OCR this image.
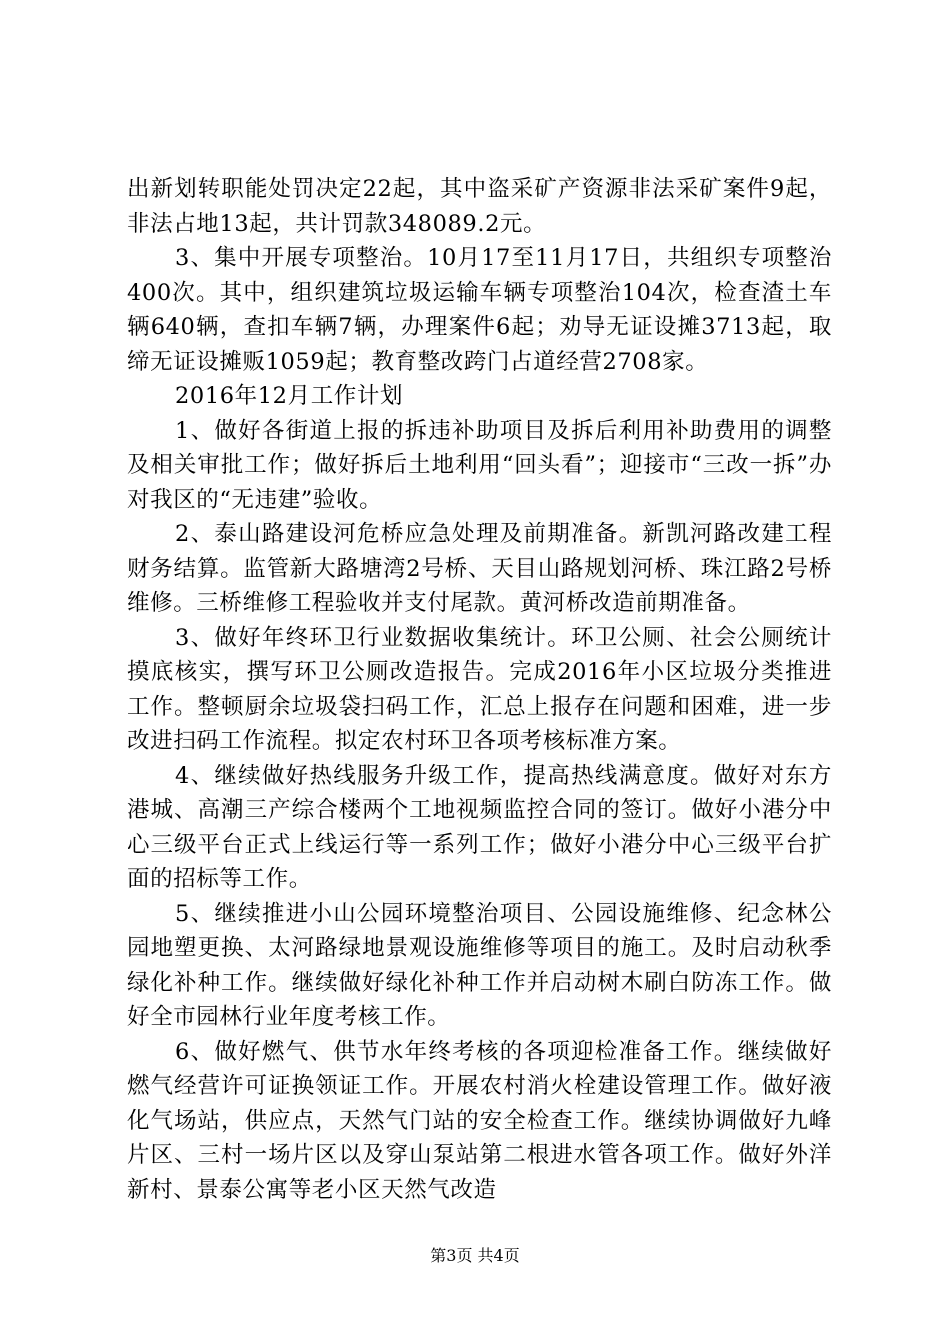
出新划转职能处罚决定22起，其中盗采矿产资源非法采矿案件9起，非法占地13起，共计罚款348089.2元。

3、集中开展专项整治。10月17至11月17日，共组织专项整治400次。其中，组织建筑垃圾运输车辆专项整治104次，检查渣土车辆640辆，查扣车辆7辆，办理案件6起；劝导无证设摊3713起，取缔无证设摊贩1059起；教育整改跨门占道经营2708家。

2016年12月工作计划

1、做好各街道上报的拆违补助项目及拆后利用补助费用的调整及相关审批工作；做好拆后土地利用“回头看”；迎接市“三改一拆”办对我区的“无违建”验收。

2、泰山路建设河危桥应急处理及前期准备。新凯河路改建工程财务结算。监管新大路塘湾2号桥、天目山路规划河桥、珠江路2号桥维修。三桥维修工程验收并支付尾款。黄河桥改造前期准备。

3、做好年终环卫行业数据收集统计。环卫公厕、社会公厕统计摸底核实，撰写环卫公厕改造报告。完成2016年小区垃圾分类推进工作。整顿厨余垃圾袋扫码工作，汇总上报存在问题和困难，进一步改进扫码工作流程。拟定农村环卫各项考核标准方案。

4、继续做好热线服务升级工作，提高热线满意度。做好对东方港城、高潮三产综合楼两个工地视频监控合同的签订。做好小港分中心三级平台正式上线运行等一系列工作；做好小港分中心三级平台扩面的招标等工作。

5、继续推进小山公园环境整治项目、公园设施维修、纪念林公园地塑更换、太河路绿地景观设施维修等项目的施工。及时启动秋季绿化补种工作。继续做好绿化补种工作并启动树木刷白防冻工作。做好全市园林行业年度考核工作。

6、做好燃气、供节水年终考核的各项迎检准备工作。继续做好燃气经营许可证换领证工作。开展农村消火栓建设管理工作。做好液化气场站，供应点，天然气门站的安全检查工作。继续协调做好九峰片区、三村一场片区以及穿山泵站第二根进水管各项工作。做好外洋新村、景泰公寓等老小区天然气改造

第3页 共4页
